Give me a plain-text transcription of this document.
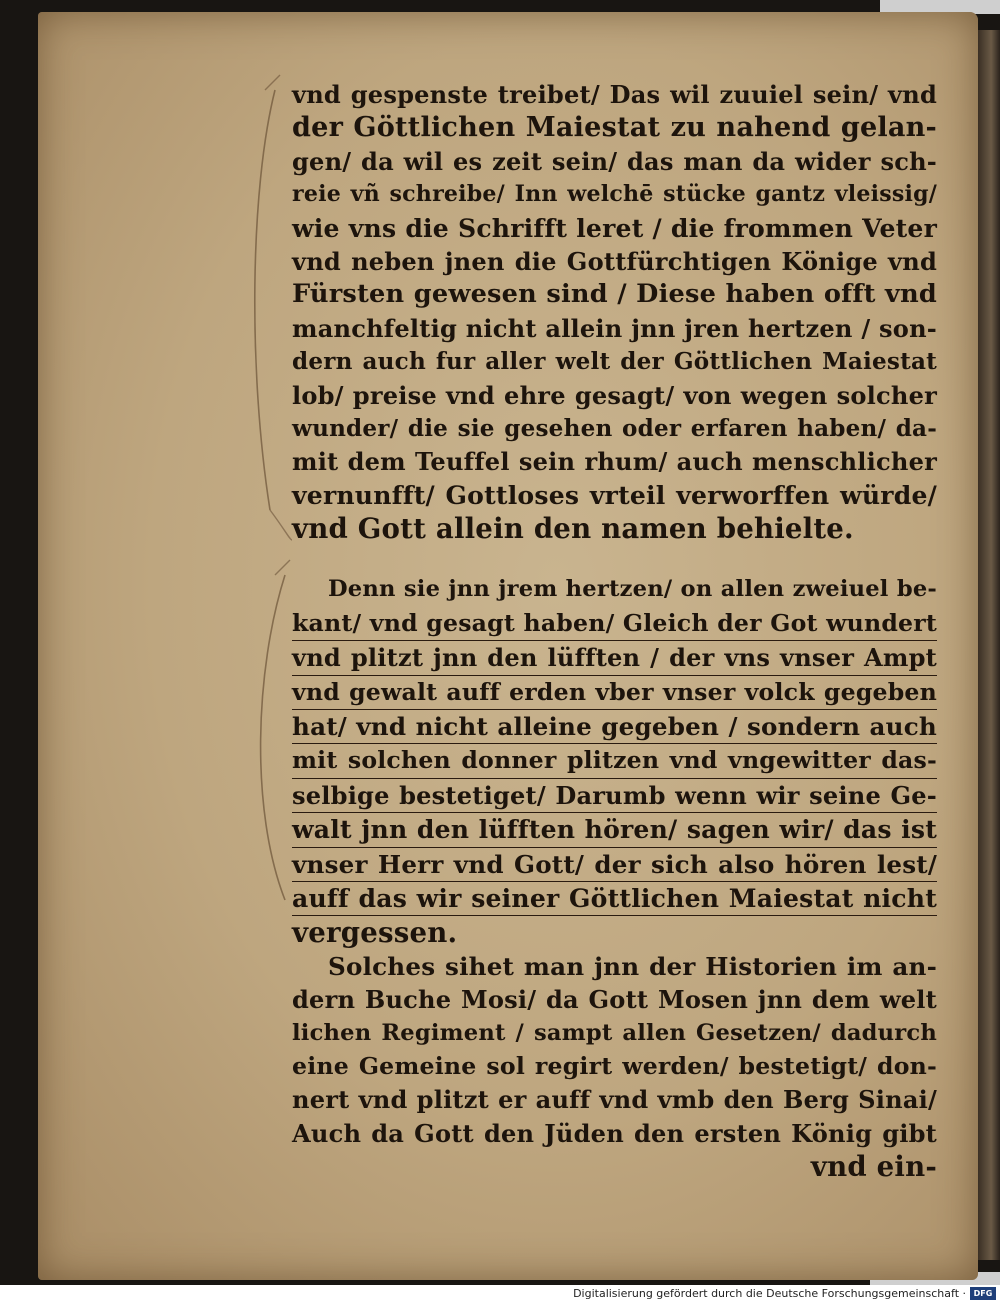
vnd gespenste treibet/ Das wil zuuiel sein/ vnd
der Göttlichen Maiestat zu nahend gelan-
gen/ da wil es zeit sein/ das man da wider sch-
reie vñ schreibe/ Inn welchē stücke gantz vleissig/
wie vns die Schrifft leret / die frommen Veter
vnd neben jnen die Gottfürchtigen Könige vnd
Fürsten gewesen sind / Diese haben offt vnd
manchfeltig nicht allein jnn jren hertzen / son-
dern auch fur aller welt der Göttlichen Maiestat
lob/ preise vnd ehre gesagt/ von wegen solcher
wunder/ die sie gesehen oder erfaren haben/ da-
mit dem Teuffel sein rhum/ auch menschlicher
vernunfft/ Gottloses vrteil verworffen würde/
vnd Gott allein den namen behielte.
Denn sie jnn jrem hertzen/ on allen zweiuel be-
kant/ vnd gesagt haben/ Gleich der Got wundert
vnd plitzt jnn den lüfften / der vns vnser Ampt
vnd gewalt auff erden vber vnser volck gegeben
hat/ vnd nicht alleine gegeben / sondern auch
mit solchen donner plitzen vnd vngewitter das-
selbige bestetiget/ Darumb wenn wir seine Ge-
walt jnn den lüfften hören/ sagen wir/ das ist
vnser Herr vnd Gott/ der sich also hören lest/
auff das wir seiner Göttlichen Maiestat nicht
vergessen.
Solches sihet man jnn der Historien im an-
dern Buche Mosi/ da Gott Mosen jnn dem welt
lichen Regiment / sampt allen Gesetzen/ dadurch
eine Gemeine sol regirt werden/ bestetigt/ don-
nert vnd plitzt er auff vnd vmb den Berg Sinai/
Auch da Gott den Jüden den ersten König gibt
vnd ein-
Digitalisierung gefördert durch die Deutsche Forschungsgemeinschaft · DFG
